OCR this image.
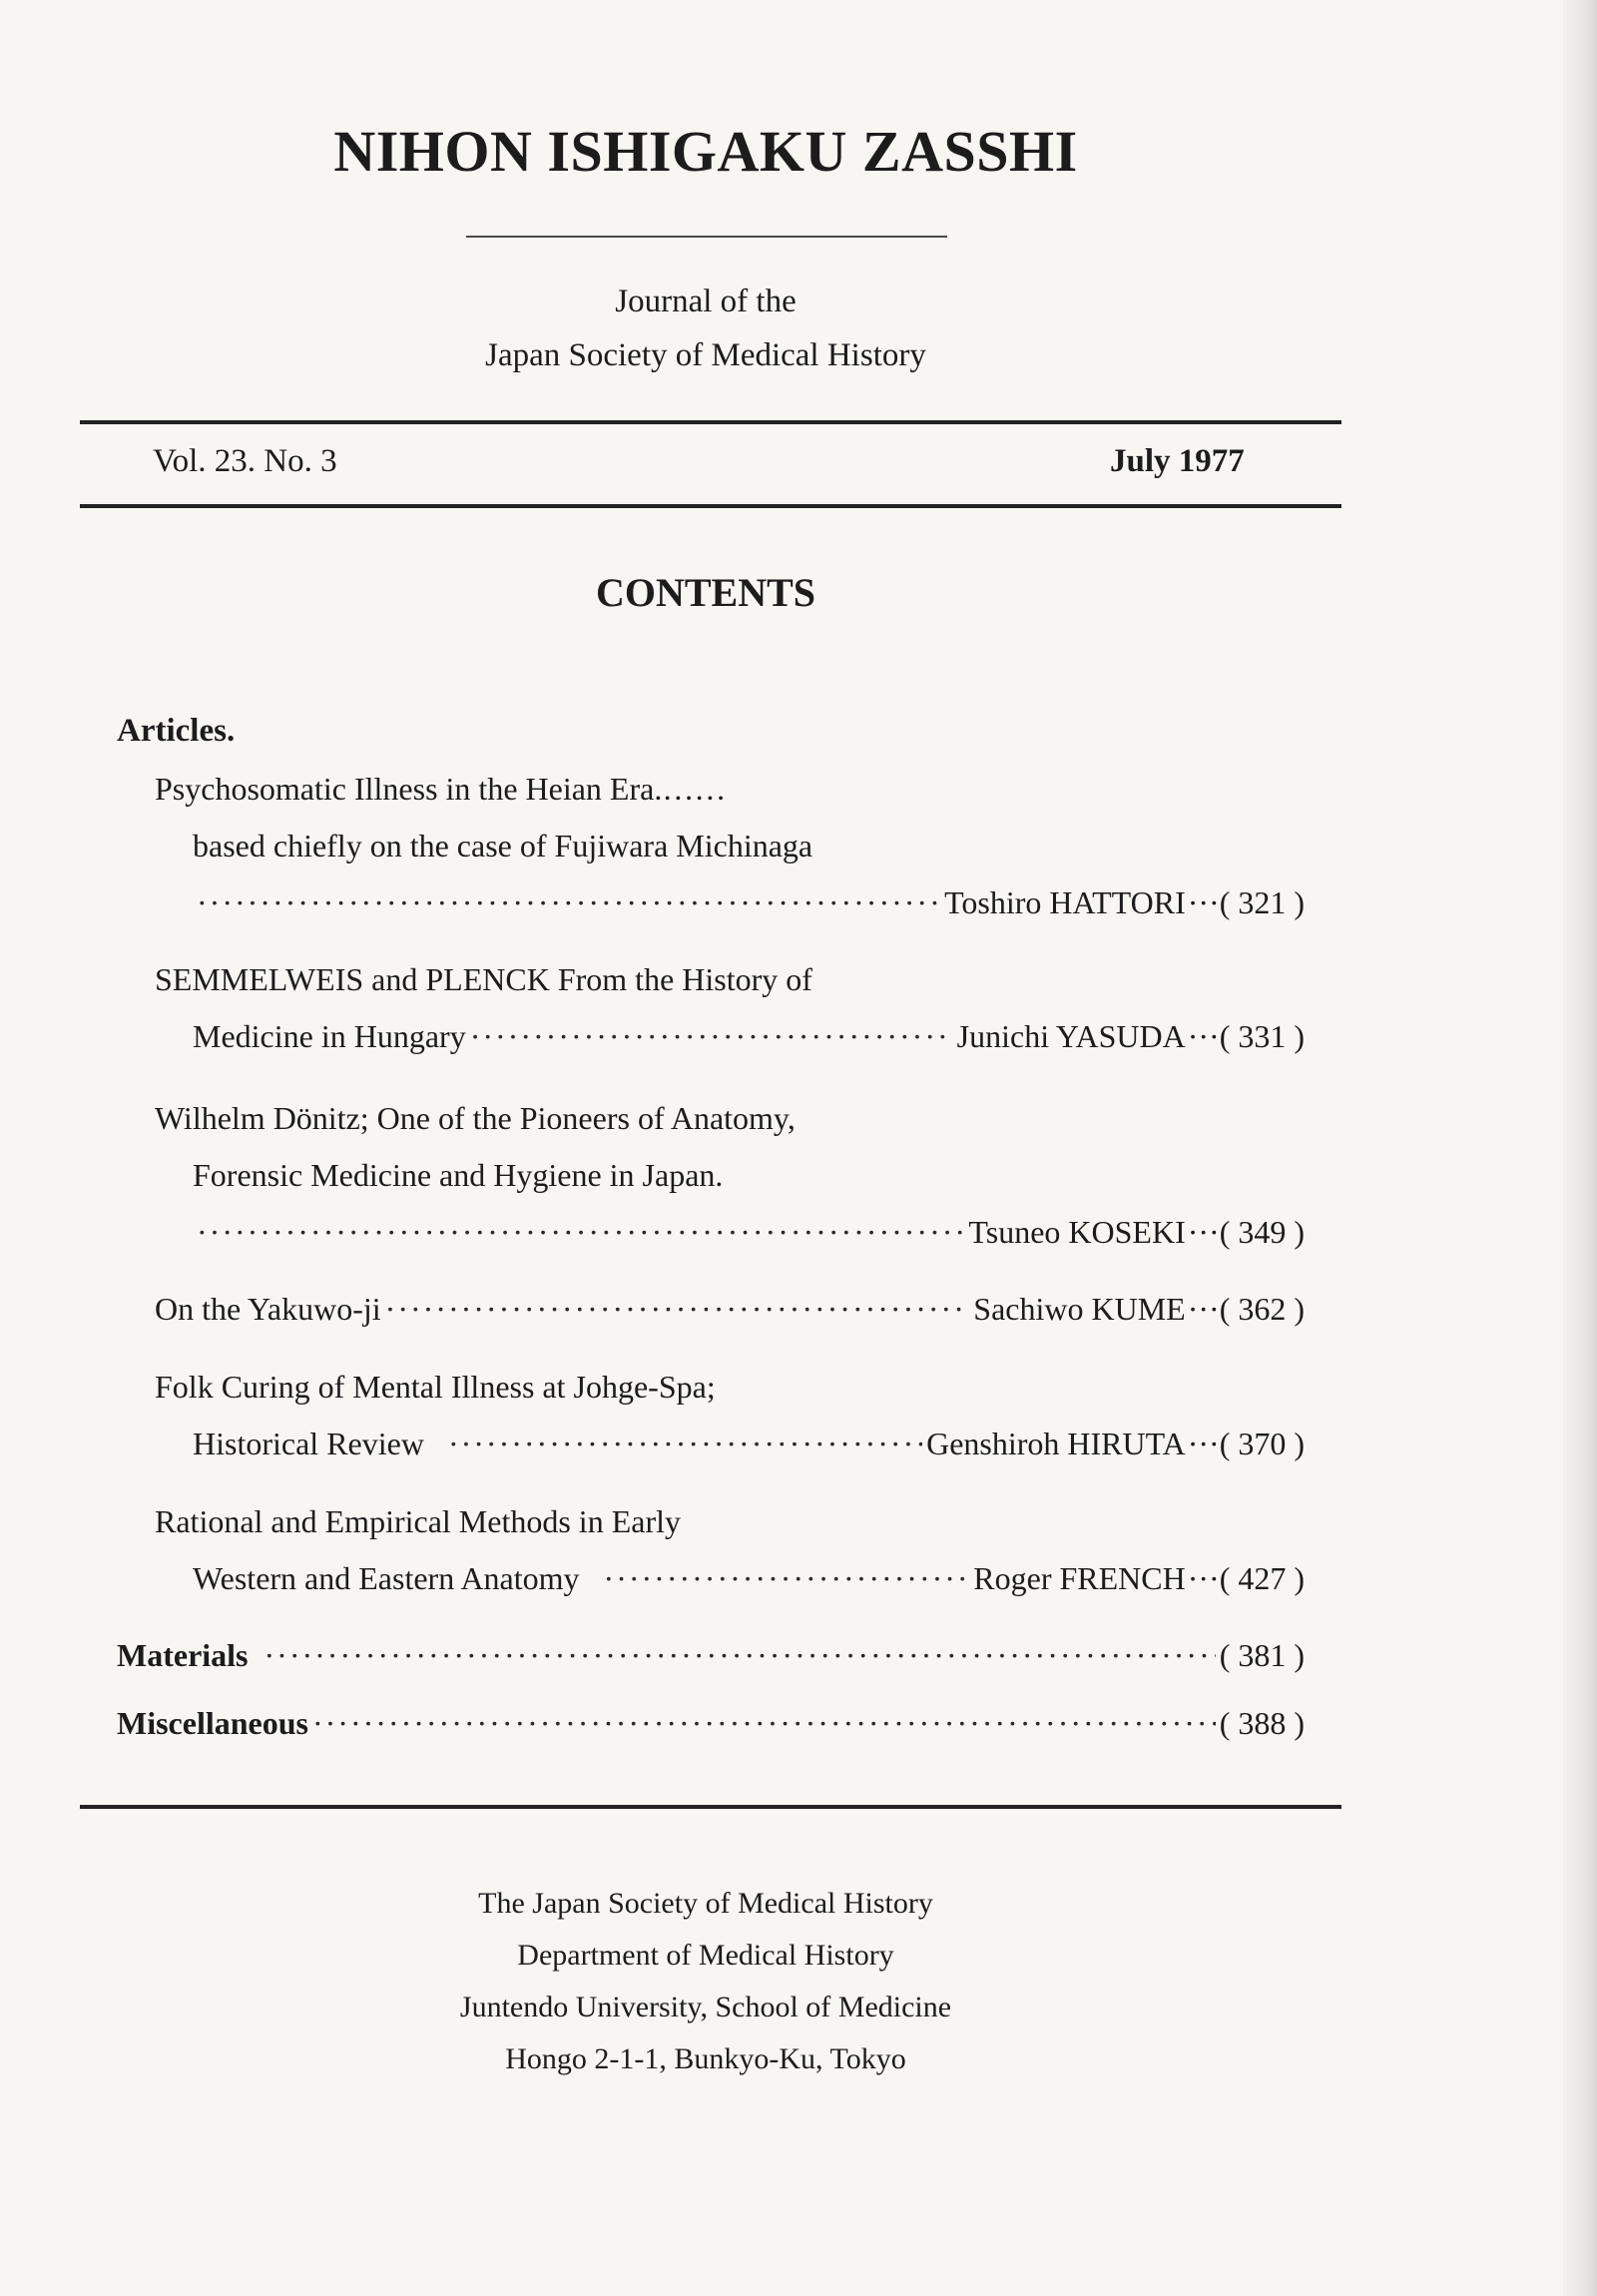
NIHON ISHIGAKU ZASSHI
Journal of the
Japan Society of Medical History
Vol. 23. No. 3	July 1977
CONTENTS
Articles.
Psychosomatic Illness in the Heian Era.……
based chiefly on the case of Fujiwara Michinaga
·····
Toshiro HATTORI ··· ( 321 )
SEMMELWEIS and PLENCK From the History of
Medicine in Hungary ·····	Junichi YASUDA ··· ( 331 )
Wilhelm Dönitz; One of the Pioneers of Anatomy,
Forensic Medicine and Hygiene in Japan.
·····
Tsuneo KOSEKI ··· ( 349 )
On the Yakuwo-ji ·····	Sachiwo KUME ··· ( 362 )
Folk Curing of Mental Illness at Johge-Spa;
Historical Review ·····	Genshiroh HIRUTA ··· ( 370 )
Rational and Empirical Methods in Early
Western and Eastern Anatomy ·····	Roger FRENCH ··· ( 427 )
Materials ·····	( 381 )
Miscellaneous ·····	( 388 )
The Japan Society of Medical History
Department of Medical History
Juntendo University, School of Medicine
Hongo 2-1-1, Bunkyo-Ku, Tokyo
